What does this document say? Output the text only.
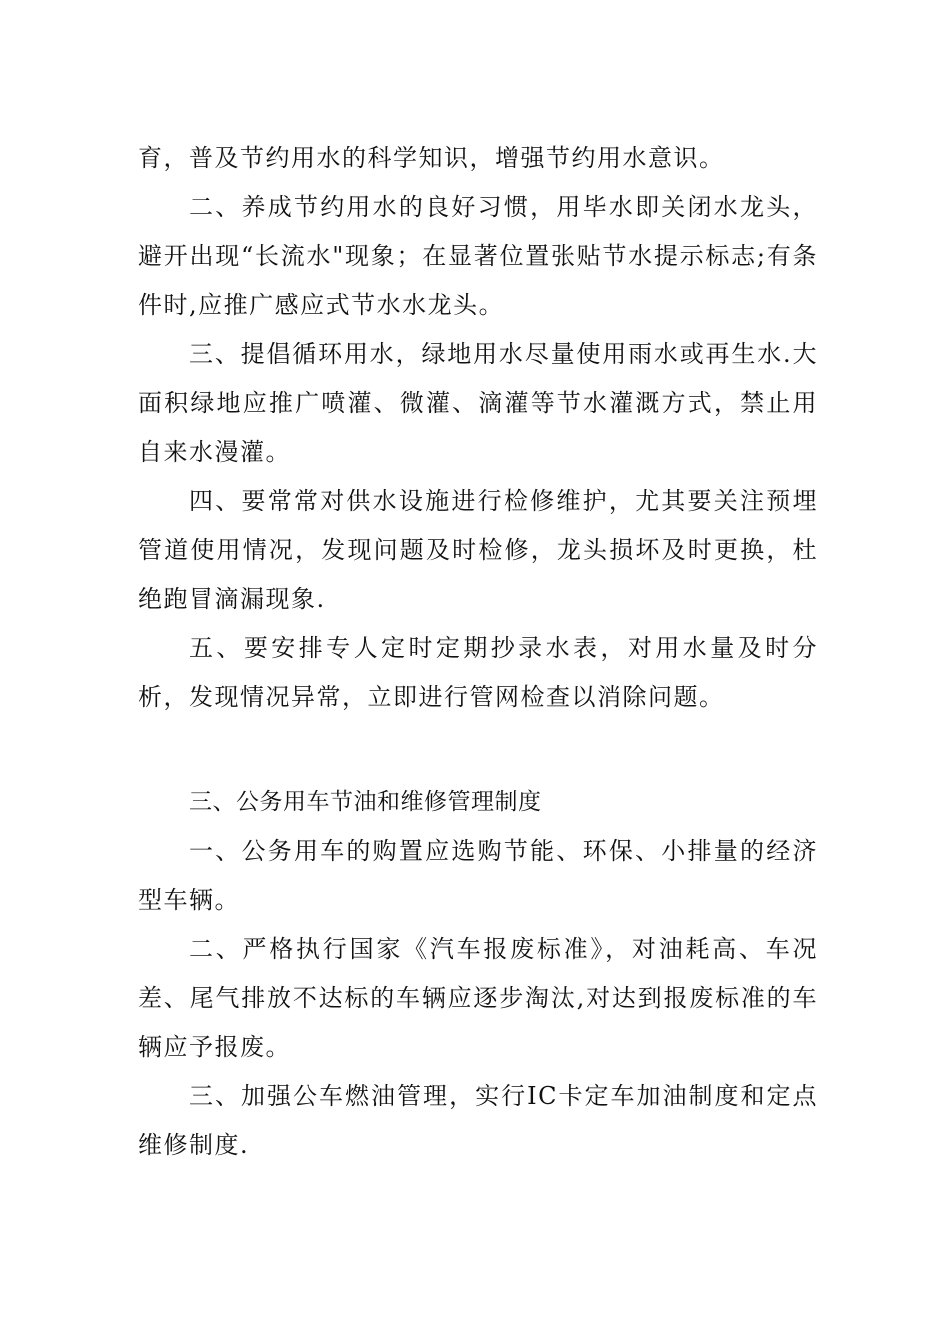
育，普及节约用水的科学知识，增强节约用水意识。

二、养成节约用水的良好习惯，用毕水即关闭水龙头，避开出现“长流水"现象；在显著位置张贴节水提示标志;有条件时,应推广感应式节水水龙头。

三、提倡循环用水，绿地用水尽量使用雨水或再生水.大面积绿地应推广喷灌、微灌、滴灌等节水灌溉方式，禁止用自来水漫灌。

四、要常常对供水设施进行检修维护，尤其要关注预埋管道使用情况，发现问题及时检修，龙头损坏及时更换，杜绝跑冒滴漏现象.

五、要安排专人定时定期抄录水表，对用水量及时分析，发现情况异常，立即进行管网检查以消除问题。

三、公务用车节油和维修管理制度

一、公务用车的购置应选购节能、环保、小排量的经济型车辆。

二、严格执行国家《汽车报废标准》，对油耗高、车况差、尾气排放不达标的车辆应逐步淘汰,对达到报废标准的车辆应予报废。

三、加强公车燃油管理，实行IC卡定车加油制度和定点维修制度.
